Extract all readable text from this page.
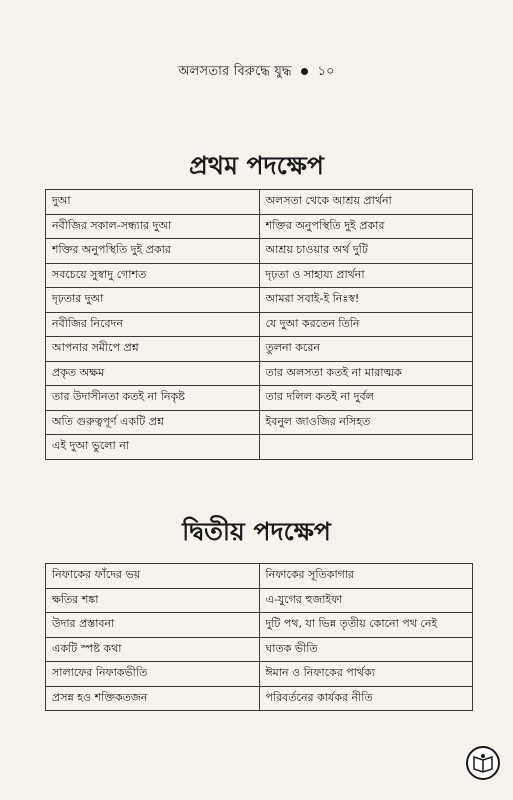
অলসতার বিরুদ্ধে যুদ্ধ ১০
প্রথম পদক্ষেপ
দুআ	অলসতা থেকে আশ্রয় প্রার্থনা
নবীজির সকাল-সন্ধ্যার দুআ	শক্তির অনুপস্থিতি দুই প্রকার
শক্তির অনুপস্থিতি দুই প্রকার	আশ্রয় চাওয়ার অর্থ দুটি
সবচেয়ে সুস্বাদু গোশত	দৃঢ়তা ও সাহায্য প্রার্থনা
দৃঢ়তার দুআ	আমরা সবাই-ই নিঃস্ব!
নবীজির নিবেদন	যে দুআ করতেন তিনি
আপনার সমীপে প্রশ্ন	তুলনা করেন
প্রকৃত অক্ষম	তার অলসতা কতই না মারাত্মক
তার উদাসীনতা কতই না নিকৃষ্ট	তার দলিল কতই না দুর্বল
অতি গুরুত্বপূর্ণ একটি প্রশ্ন	ইবনুল জাওজির নসিহত
এই দুআ ভুলো না	
দ্বিতীয় পদক্ষেপ
নিফাকের ফাঁদের ভয়	নিফাকের সূতিকাগার
ক্ষতির শঙ্কা	এ-যুগের হুজাইফা
উদার প্রস্তাবনা	দুটি পথ, যা ভিন্ন তৃতীয় কোনো পথ নেই
একটি স্পষ্ট কথা	ঘাতক ভীতি
সালাফের নিফাকভীতি	ঈমান ও নিফাকের পার্থক্য
প্রসন্ন হও শক্তিকতজন	পরিবর্তনের কার্যকর নীতি
